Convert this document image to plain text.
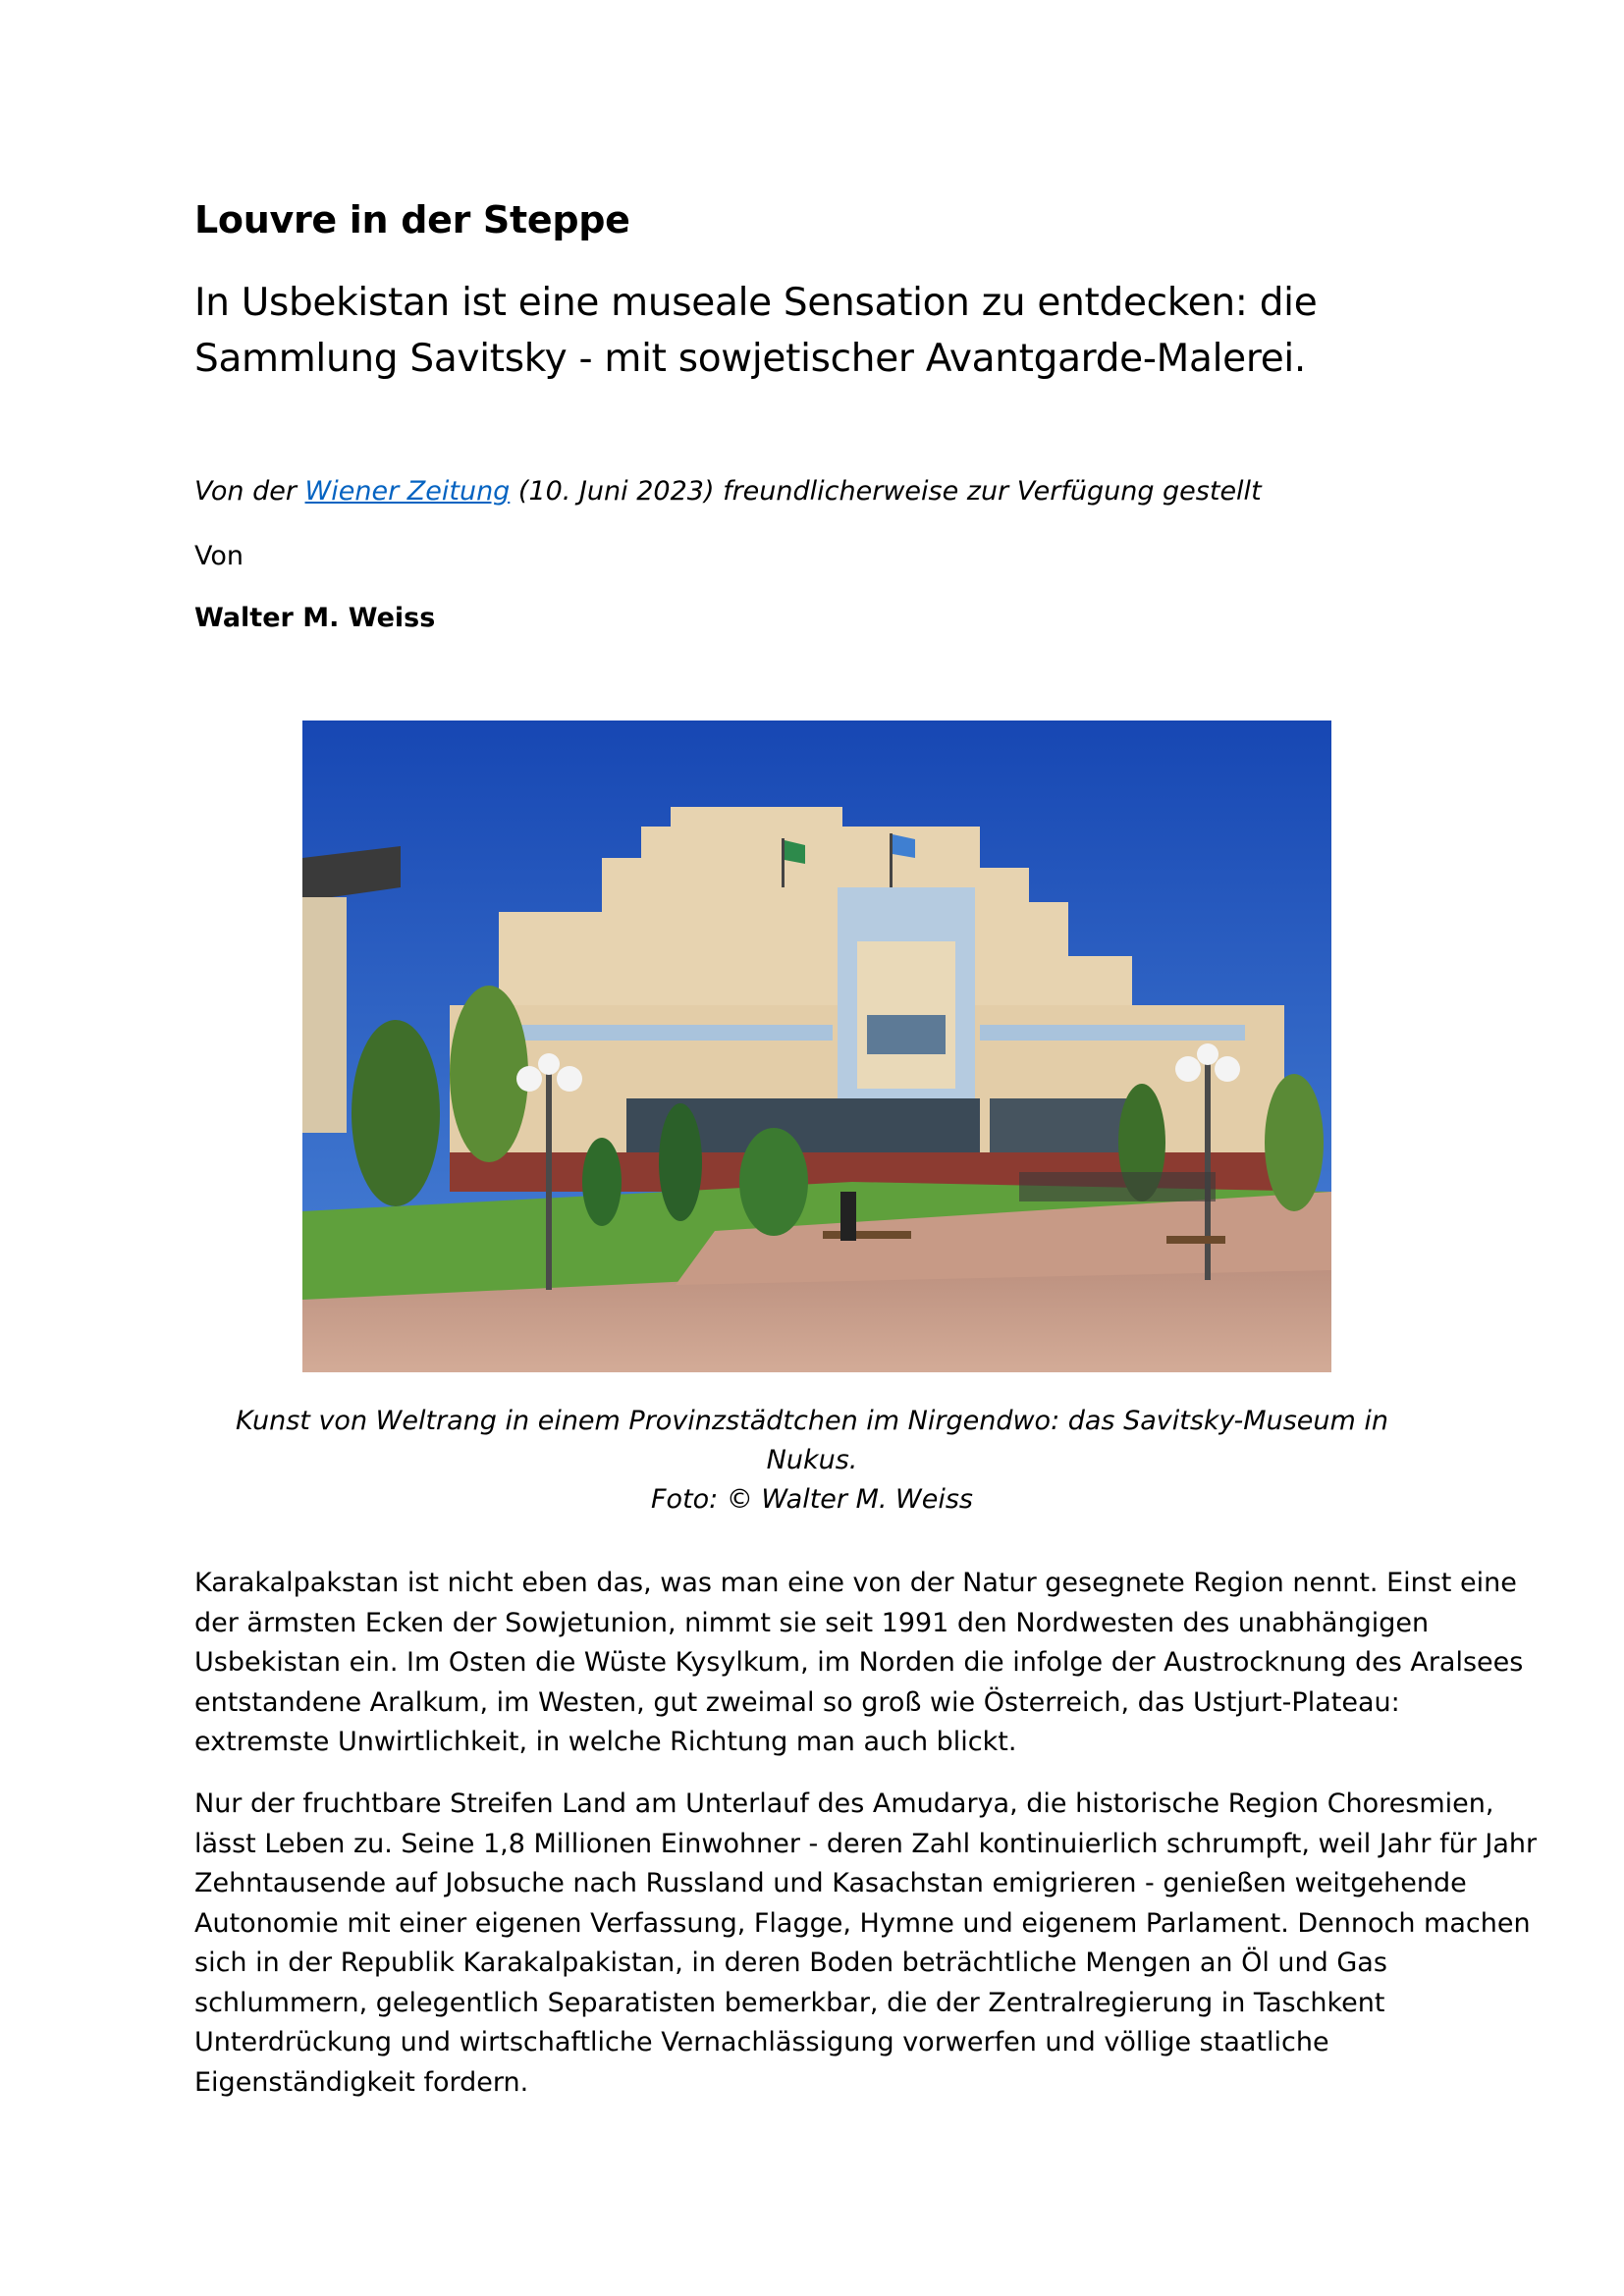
Louvre in der Steppe
In Usbekistan ist eine museale Sensation zu entdecken: die
Sammlung Savitsky - mit sowjetischer Avantgarde-Malerei.

Von der Wiener Zeitung (10. Juni 2023) freundlicherweise zur Verfügung gestellt

Von

Walter M. Weiss

Kunst von Weltrang in einem Provinzstädtchen im Nirgendwo: das Savitsky-Museum in Nukus.
Foto: © Walter M. Weiss

Karakalpakstan ist nicht eben das, was man eine von der Natur gesegnete Region nennt. Einst eine
der ärmsten Ecken der Sowjetunion, nimmt sie seit 1991 den Nordwesten des unabhängigen
Usbekistan ein. Im Osten die Wüste Kysylkum, im Norden die infolge der Austrocknung des Aralsees
entstandene Aralkum, im Westen, gut zweimal so groß wie Österreich, das Ustjurt-Plateau:
extremste Unwirtlichkeit, in welche Richtung man auch blickt.

Nur der fruchtbare Streifen Land am Unterlauf des Amudarya, die historische Region Choresmien,
lässt Leben zu. Seine 1,8 Millionen Einwohner - deren Zahl kontinuierlich schrumpft, weil Jahr für Jahr
Zehntausende auf Jobsuche nach Russland und Kasachstan emigrieren - genießen weitgehende
Autonomie mit einer eigenen Verfassung, Flagge, Hymne und eigenem Parlament. Dennoch machen
sich in der Republik Karakalpakistan, in deren Boden beträchtliche Mengen an Öl und Gas
schlummern, gelegentlich Separatisten bemerkbar, die der Zentralregierung in Taschkent
Unterdrückung und wirtschaftliche Vernachlässigung vorwerfen und völlige staatliche
Eigenständigkeit fordern.
